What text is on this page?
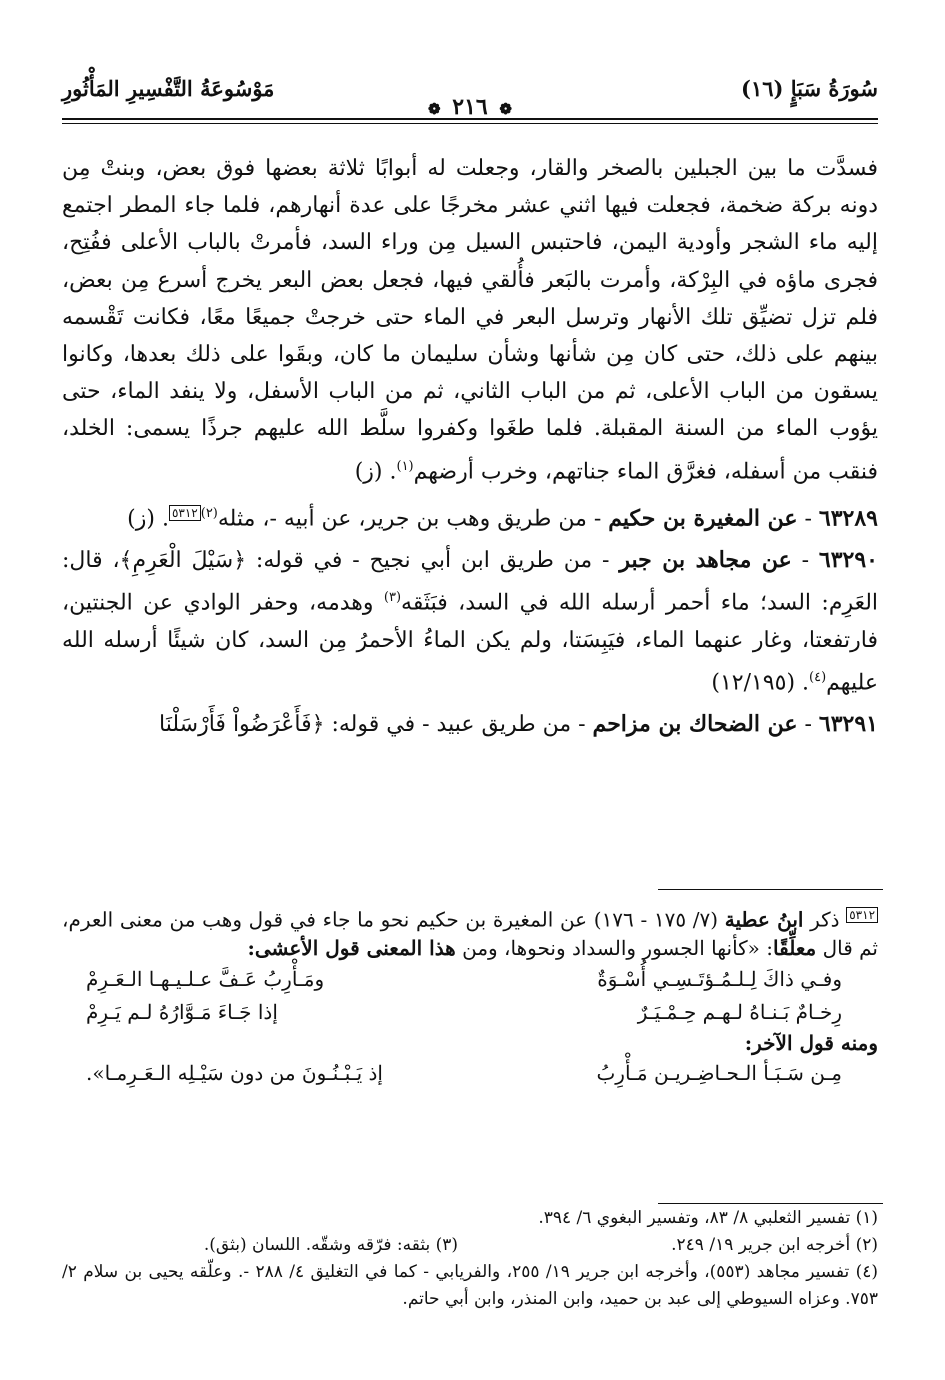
سُورَةُ سَبَإٍ (١٦)
❁ ٢١٦ ❁
مَوْسُوعَةُ التَّفْسِيرِ المَأْثُورِ

فسدَّت ما بين الجبلين بالصخر والقار، وجعلت له أبوابًا ثلاثة بعضها فوق بعض، وبنتْ مِن دونه بركة ضخمة، فجعلت فيها اثني عشر مخرجًا على عدة أنهارهم، فلما جاء المطر اجتمع إليه ماء الشجر وأودية اليمن، فاحتبس السيل مِن وراء السد، فأمرتْ بالباب الأعلى ففُتِح، فجرى ماؤه في البِرْكة، وأمرت بالبَعر فأُلقي فيها، فجعل بعض البعر يخرج أسرع مِن بعض، فلم تزل تضيِّق تلك الأنهار وترسل البعر في الماء حتى خرجتْ جميعًا معًا، فكانت تَقْسمه بينهم على ذلك، حتى كان مِن شأنها وشأن سليمان ما كان، وبقَوا على ذلك بعدها، وكانوا يسقون من الباب الأعلى، ثم من الباب الثاني، ثم من الباب الأسفل، ولا ينفد الماء، حتى يؤوب الماء من السنة المقبلة. فلما طغَوا وكفروا سلَّط الله عليهم جرذًا يسمى: الخلد، فنقب من أسفله، فغرَّق الماء جناتهم، وخرب أرضهم$^{(١)}$. (ز)

٦٣٢٨٩ - عن المغيرة بن حكيم - من طريق وهب بن جرير، عن أبيه -، مثله$^{(٢)٥٣١٢}$. (ز)

٦٣٢٩٠ - عن مجاهد بن جبر - من طريق ابن أبي نجيح - في قوله: ﴿سَيْلَ الْعَرِمِ﴾، قال: العَرِم: السد؛ ماء أحمر أرسله الله في السد، فبَثَقه$^{(٣)}$ وهدمه، وحفر الوادي عن الجنتين، فارتفعتا، وغار عنهما الماء، فيَبِسَتا، ولم يكن الماءُ الأحمرُ مِن السد، كان شيئًا أرسله الله عليهم$^{(٤)}$. (١٢/١٩٥)

٦٣٢٩١ - عن الضحاك بن مزاحم - من طريق عبيد - في قوله: ﴿فَأَعْرَضُواْ فَأَرْسَلْنَا

$^{٥٣١٢}$ ذكر ابنُ عطية (٧/ ١٧٥ - ١٧٦) عن المغيرة بن حكيم نحو ما جاء في قول وهب من معنى العرم، ثم قال معلِّقًا: «كأنها الجسور والسداد ونحوها، ومن هذا المعنى قول الأعشى:

وفـي ذاكَ لِـلـمُـؤتَـسِـي أُسْـوَةٌ
ومَـأْرِبُ عَـفَّ عـلـيـهـا الـعَـرِمْ
رِخـامٌ بَـنـاهُ لـهـم حِـمْـيَـرٌ
إذا جَـاءَ مَـوَّارُهُ لـم يَـرِمْ

ومنه قول الآخر:

مِـن سَـبَـأ الـحـاضِـريـن مَـأْرِبُ
إذ يَـبْـنُـونَ من دون سَيْـلِه الـعَـرِمـا».

(١) تفسير الثعلبي ٨/ ٨٣، وتفسير البغوي ٦/ ٣٩٤.

(٢) أخرجه ابن جرير ١٩/ ٢٤٩.
(٣) بثقه: فرّقه وشقّه. اللسان (بثق).

(٤) تفسير مجاهد (٥٥٣)، وأخرجه ابن جرير ١٩/ ٢٥٥، والفريابي - كما في التغليق ٤/ ٢٨٨ -. وعلّقه يحيى بن سلام ٢/ ٧٥٣. وعزاه السيوطي إلى عبد بن حميد، وابن المنذر، وابن أبي حاتم.
